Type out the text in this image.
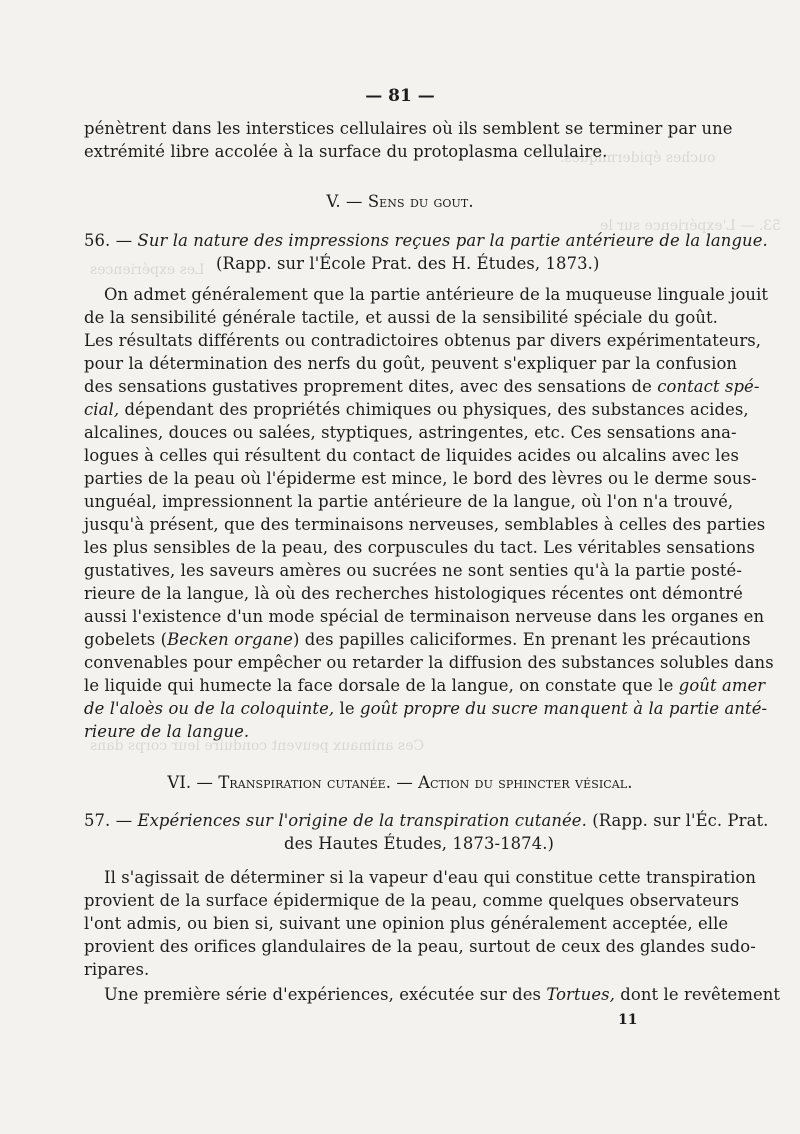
ouches épidermiques.
53. — L'expérience sur le
Les expériences
Ces animaux peuvent conduire leur corps dans
— 81 —
pénètrent dans les interstices cellulaires où ils semblent se terminer par une
extrémité libre accolée à la surface du protoplasma cellulaire.
V. — Sens du gout.
56. — Sur la nature des impressions reçues par la partie antérieure de la langue.
(Rapp. sur l'École Prat. des H. Études, 1873.)
On admet généralement que la partie antérieure de la muqueuse linguale jouit
de la sensibilité générale tactile, et aussi de la sensibilité spéciale du goût.
Les résultats différents ou contradictoires obtenus par divers expérimentateurs,
pour la détermination des nerfs du goût, peuvent s'expliquer par la confusion
des sensations gustatives proprement dites, avec des sensations de contact spé-
cial, dépendant des propriétés chimiques ou physiques, des substances acides,
alcalines, douces ou salées, styptiques, astringentes, etc. Ces sensations ana-
logues à celles qui résultent du contact de liquides acides ou alcalins avec les
parties de la peau où l'épiderme est mince, le bord des lèvres ou le derme sous-
unguéal, impressionnent la partie antérieure de la langue, où l'on n'a trouvé,
jusqu'à présent, que des terminaisons nerveuses, semblables à celles des parties
les plus sensibles de la peau, des corpuscules du tact. Les véritables sensations
gustatives, les saveurs amères ou sucrées ne sont senties qu'à la partie posté-
rieure de la langue, là où des recherches histologiques récentes ont démontré
aussi l'existence d'un mode spécial de terminaison nerveuse dans les organes en
gobelets (Becken organe) des papilles caliciformes. En prenant les précautions
convenables pour empêcher ou retarder la diffusion des substances solubles dans
le liquide qui humecte la face dorsale de la langue, on constate que le goût amer
de l'aloès ou de la coloquinte, le goût propre du sucre manquent à la partie anté-
rieure de la langue.
VI. — Transpiration cutanée. — Action du sphincter vésical.
57. — Expériences sur l'origine de la transpiration cutanée. (Rapp. sur l'Éc. Prat.
des Hautes Études, 1873-1874.)
Il s'agissait de déterminer si la vapeur d'eau qui constitue cette transpiration
provient de la surface épidermique de la peau, comme quelques observateurs
l'ont admis, ou bien si, suivant une opinion plus généralement acceptée, elle
provient des orifices glandulaires de la peau, surtout de ceux des glandes sudo-
ripares.
Une première série d'expériences, exécutée sur des Tortues, dont le revêtement
11
